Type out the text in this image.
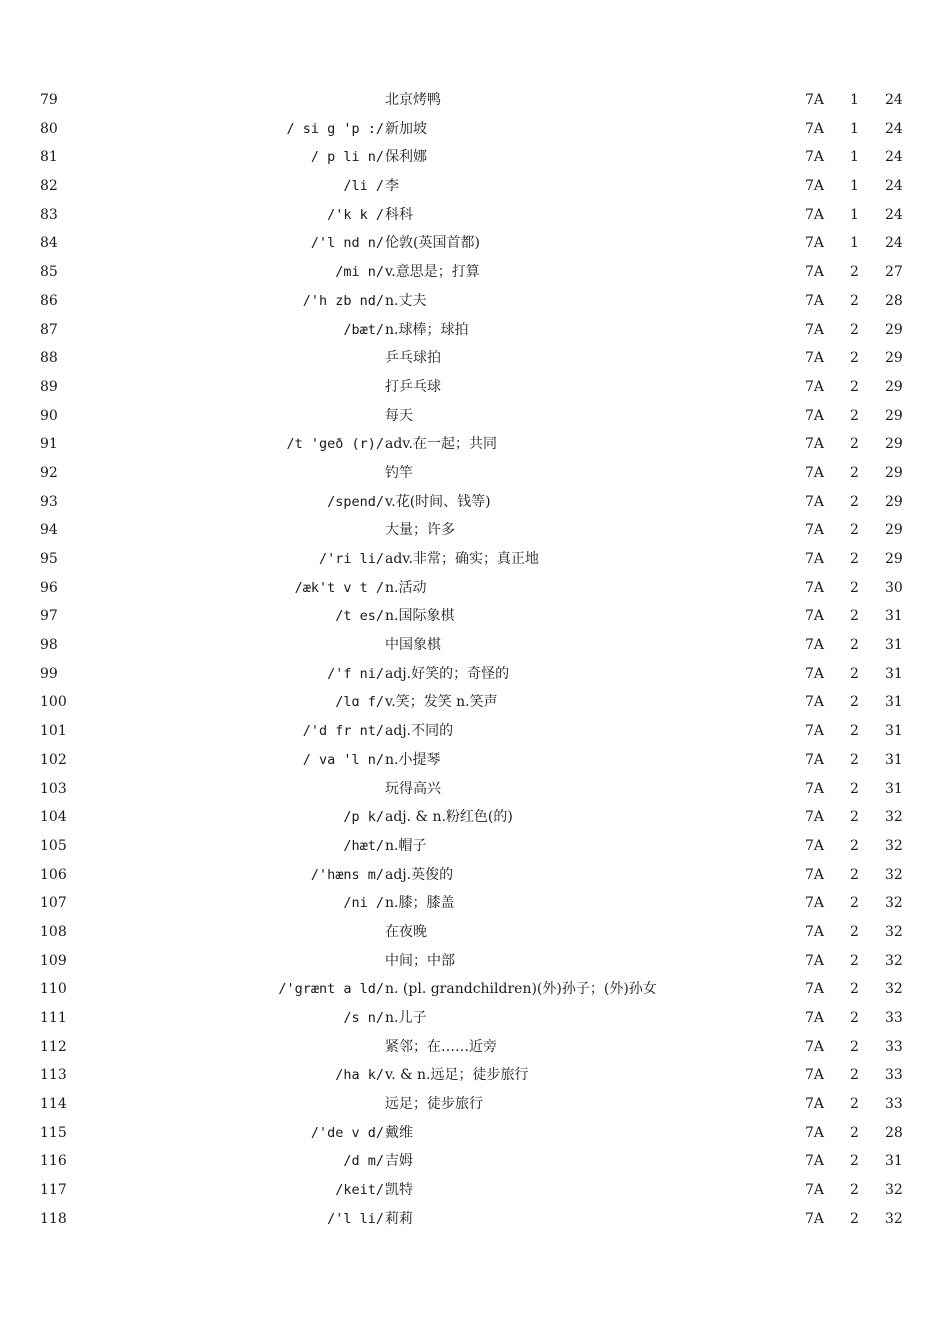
79	北京烤鸭	7A 1 24
80	/ si g 'p :/ 新加坡	7A 1 24
81	/ p li n/ 保利娜	7A 1 24
82	/li / 李	7A 1 24
83	/'k k / 科科	7A 1 24
84	/'l nd n/ 伦敦(英国首都)	7A 1 24
85	/mi n/ v.意思是；打算	7A 2 27
86	/'h zb nd/ n.丈夫	7A 2 28
87	/bæt/ n.球棒；球拍	7A 2 29
88	乒乓球拍	7A 2 29
89	打乒乓球	7A 2 29
90	每天	7A 2 29
91	/t 'geð (r)/ adv.在一起；共同	7A 2 29
92	钓竿	7A 2 29
93	/spend/ v.花(时间、钱等)	7A 2 29
94	大量；许多	7A 2 29
95	/'ri li/ adv.非常；确实；真正地	7A 2 29
96	/æk't v t / n.活动	7A 2 30
97	/t es/ n.国际象棋	7A 2 31
98	中国象棋	7A 2 31
99	/'f ni/ adj.好笑的；奇怪的	7A 2 31
100	/lɑ f/ v.笑；发笑 n.笑声	7A 2 31
101	/'d fr nt/ adj.不同的	7A 2 31
102	/ va 'l n/ n.小提琴	7A 2 31
103	玩得高兴	7A 2 31
104	/p k/ adj. & n.粉红色(的)	7A 2 32
105	/hæt/ n.帽子	7A 2 32
106	/'hæns m/ adj.英俊的	7A 2 32
107	/ni / n.膝；膝盖	7A 2 32
108	在夜晚	7A 2 32
109	中间；中部	7A 2 32
110	/'grænt a ld/ n. (pl. grandchildren)(外)孙子；(外)孙女	7A 2 32
111	/s n/ n.儿子	7A 2 33
112	紧邻；在……近旁	7A 2 33
113	/ha k/ v. & n.远足；徒步旅行	7A 2 33
114	远足；徒步旅行	7A 2 33
115	/'de v d/ 戴维	7A 2 28
116	/d m/ 吉姆	7A 2 31
117	/keit/ 凯特	7A 2 32
118	/'l li/ 莉莉	7A 2 32
